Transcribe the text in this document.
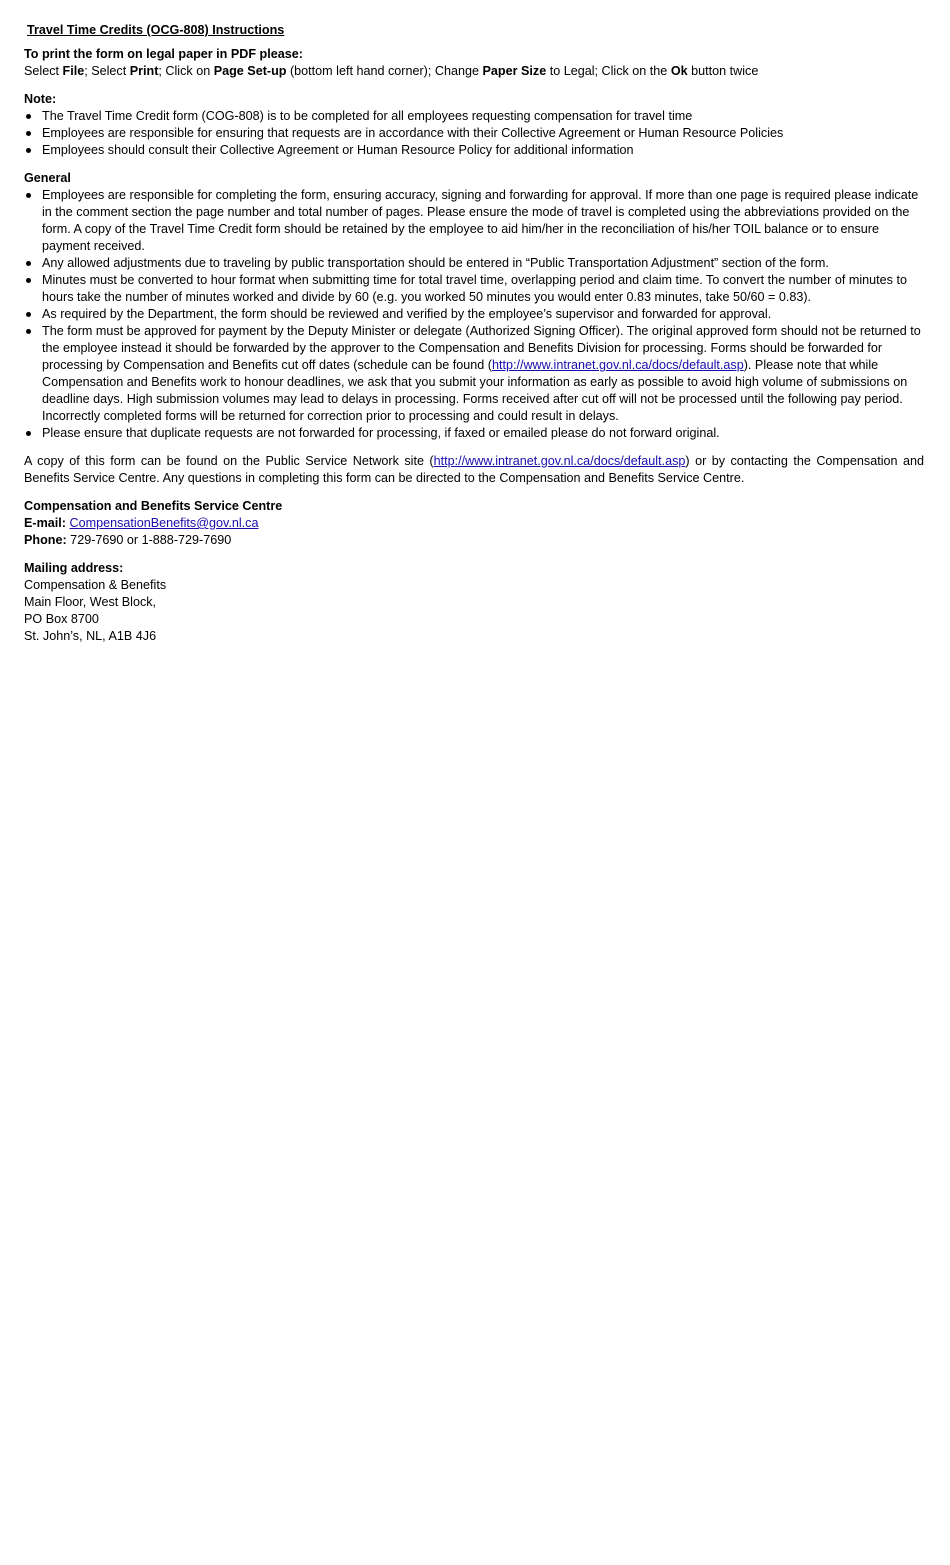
Travel Time Credits (OCG-808) Instructions
To print the form on legal paper in PDF please:
Select File; Select Print; Click on Page Set-up (bottom left hand corner); Change Paper Size to Legal; Click on the Ok button twice
Note:
The Travel Time Credit form (COG-808) is to be completed for all employees requesting compensation for travel time
Employees are responsible for ensuring that requests are in accordance with their Collective Agreement or Human Resource Policies
Employees should consult their Collective Agreement or Human Resource Policy for additional information
General
Employees are responsible for completing the form, ensuring accuracy, signing and forwarding for approval. If more than one page is required please indicate in the comment section the page number and total number of pages. Please ensure the mode of travel is completed using the abbreviations provided on the form. A copy of the Travel Time Credit form should be retained by the employee to aid him/her in the reconciliation of his/her TOIL balance or to ensure payment received.
Any allowed adjustments due to traveling by public transportation should be entered in “Public Transportation Adjustment” section of the form.
Minutes must be converted to hour format when submitting time for total travel time, overlapping period and claim time. To convert the number of minutes to hours take the number of minutes worked and divide by 60 (e.g. you worked 50 minutes you would enter 0.83 minutes, take 50/60 = 0.83).
As required by the Department, the form should be reviewed and verified by the employee’s supervisor and forwarded for approval.
The form must be approved for payment by the Deputy Minister or delegate (Authorized Signing Officer). The original approved form should not be returned to the employee instead it should be forwarded by the approver to the Compensation and Benefits Division for processing. Forms should be forwarded for processing by Compensation and Benefits cut off dates (schedule can be found (http://www.intranet.gov.nl.ca/docs/default.asp). Please note that while Compensation and Benefits work to honour deadlines, we ask that you submit your information as early as possible to avoid high volume of submissions on deadline days. High submission volumes may lead to delays in processing. Forms received after cut off will not be processed until the following pay period. Incorrectly completed forms will be returned for correction prior to processing and could result in delays.
Please ensure that duplicate requests are not forwarded for processing, if faxed or emailed please do not forward original.
A copy of this form can be found on the Public Service Network site (http://www.intranet.gov.nl.ca/docs/default.asp) or by contacting the Compensation and Benefits Service Centre. Any questions in completing this form can be directed to the Compensation and Benefits Service Centre.
Compensation and Benefits Service Centre
E-mail: CompensationBenefits@gov.nl.ca
Phone: 729-7690 or 1-888-729-7690
Mailing address:
Compensation & Benefits
Main Floor, West Block,
PO Box 8700
St. John’s, NL, A1B 4J6
